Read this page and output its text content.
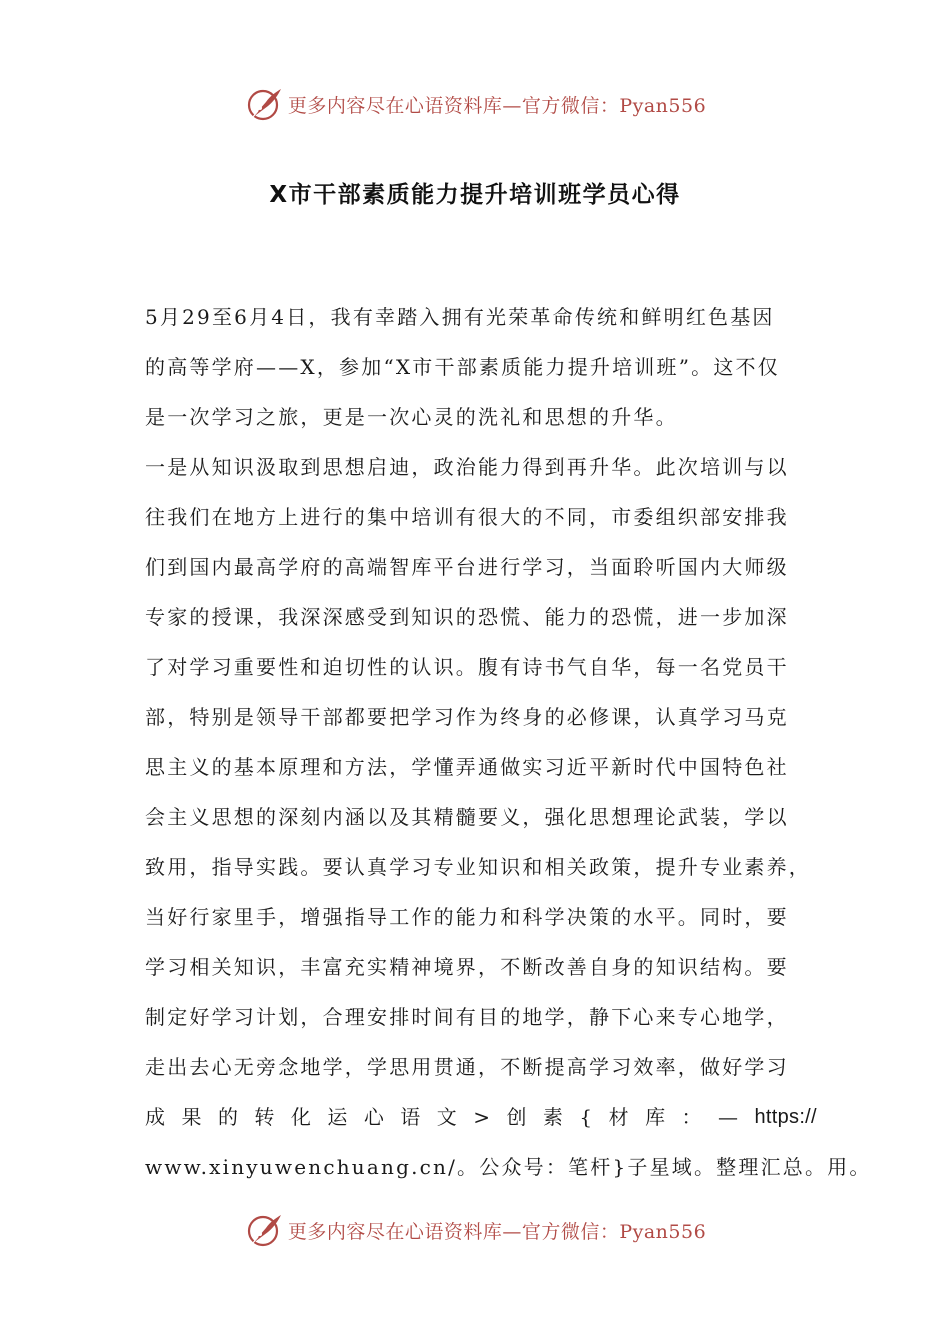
更多内容尽在心语资料库—官方微信：Pyan556
X市干部素质能力提升培训班学员心得
5月29至6月4日，我有幸踏入拥有光荣革命传统和鲜明红色基因
的高等学府——X，参加“X市干部素质能力提升培训班”。这不仅
是一次学习之旅，更是一次心灵的洗礼和思想的升华。
一是从知识汲取到思想启迪，政治能力得到再升华。此次培训与以
往我们在地方上进行的集中培训有很大的不同，市委组织部安排我
们到国内最高学府的高端智库平台进行学习，当面聆听国内大师级
专家的授课，我深深感受到知识的恐慌、能力的恐慌，进一步加深
了对学习重要性和迫切性的认识。腹有诗书气自华，每一名党员干
部，特别是领导干部都要把学习作为终身的必修课，认真学习马克
思主义的基本原理和方法，学懂弄通做实习近平新时代中国特色社
会主义思想的深刻内涵以及其精髓要义，强化思想理论武装，学以
致用，指导实践。要认真学习专业知识和相关政策，提升专业素养，
当好行家里手，增强指导工作的能力和科学决策的水平。同时，要
学习相关知识，丰富充实精神境界，不断改善自身的知识结构。要
制定好学习计划，合理安排时间有目的地学，静下心来专心地学，
走出去心无旁念地学，学思用贯通，不断提高学习效率，做好学习
成 果 的 转 化 运 心 语 文 > 创 素 { 材 库 ： — https://
www.xinyuwenchuang.cn/。公众号：笔杆}子星域。整理汇总。用。
更多内容尽在心语资料库—官方微信：Pyan556
